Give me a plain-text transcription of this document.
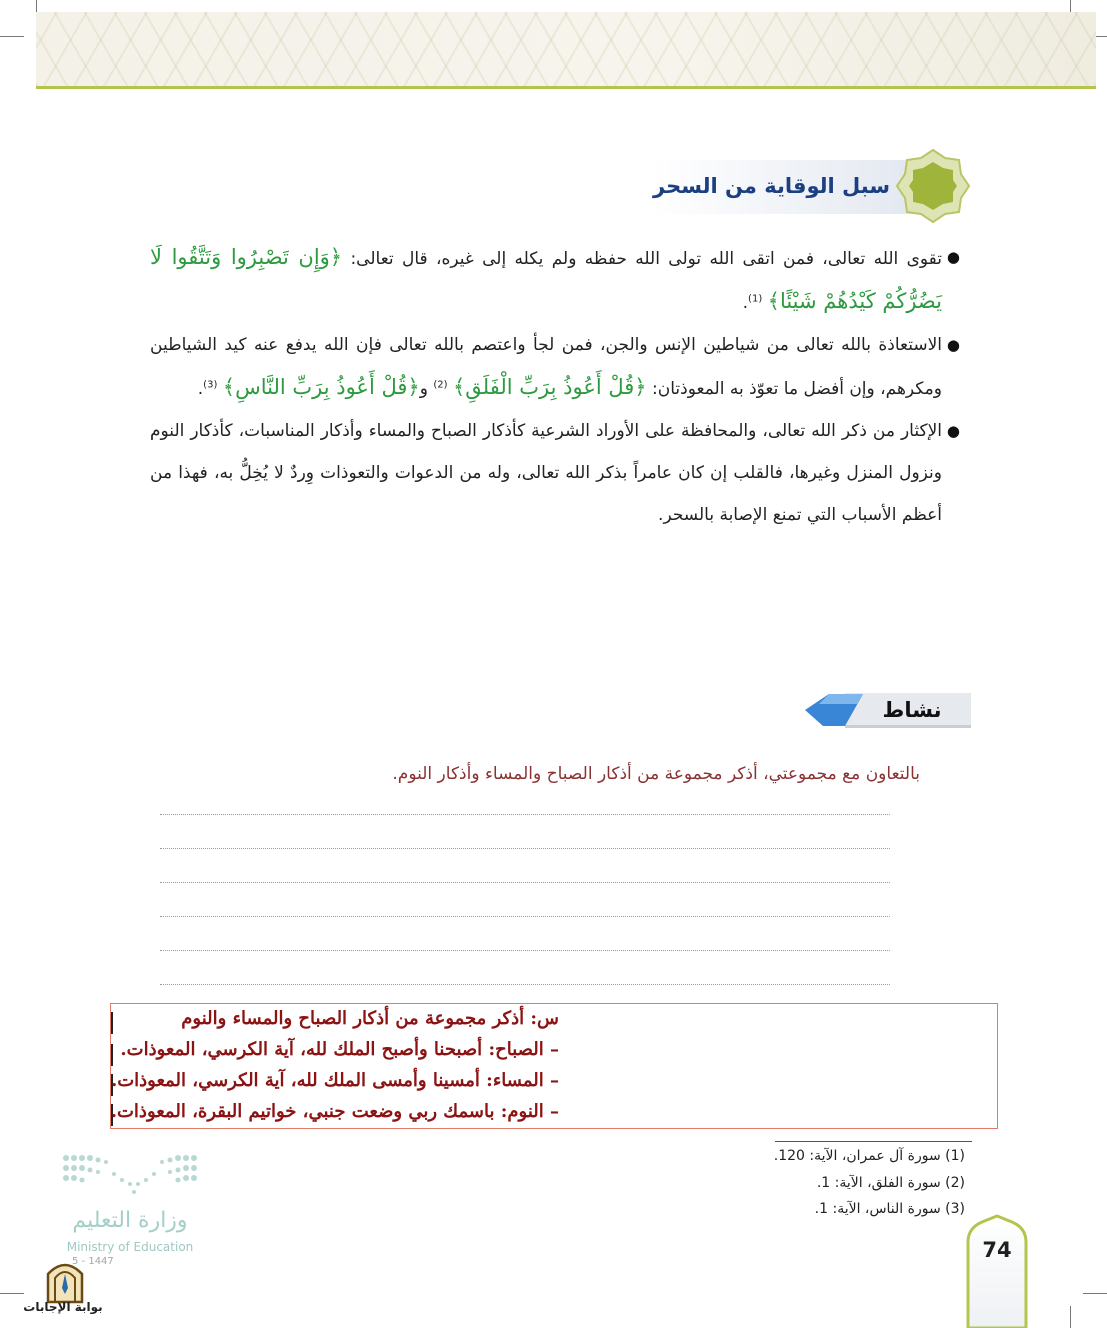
سبل الوقاية من السحر
●
تقوى الله تعالى، فمن اتقى الله تولى الله حفظه ولم يكله إلى غيره، قال تعالى: ﴿وَإِن تَصْبِرُوا وَتَتَّقُوا لَا يَضُرُّكُمْ كَيْدُهُمْ شَيْئًا﴾ $^{(1)}$.
●
الاستعاذة بالله تعالى من شياطين الإنس والجن، فمن لجأ واعتصم بالله تعالى فإن الله يدفع عنه كيد الشياطين ومكرهم، وإن أفضل ما تعوّذ به المعوذتان: ﴿قُلْ أَعُوذُ بِرَبِّ الْفَلَقِ﴾ $^{(2)}$ و﴿قُلْ أَعُوذُ بِرَبِّ النَّاسِ﴾ $^{(3)}$.
●
الإكثار من ذكر الله تعالى، والمحافظة على الأوراد الشرعية كأذكار الصباح والمساء وأذكار المناسبات، كأذكار النوم ونزول المنزل وغيرها، فالقلب إن كان عامراً بذكر الله تعالى، وله من الدعوات والتعوذات وِردٌ لا يُخِلُّ به، فهذا من أعظم الأسباب التي تمنع الإصابة بالسحر.
نشاط
بالتعاون مع مجموعتي، أذكر مجموعة من أذكار الصباح والمساء وأذكار النوم.
س: أذكر مجموعة من أذكار الصباح والمساء والنوم
– الصباح: أصبحنا وأصبح الملك لله، آية الكرسي، المعوذات.
– المساء: أمسينا وأمسى الملك لله، آية الكرسي، المعوذات.
– النوم: باسمك ربي وضعت جنبي، خواتيم البقرة، المعوذات.
(1) سورة آل عمران، الآية: 120.
(2) سورة الفلق، الآية: 1.
(3) سورة الناس، الآية: 1.
وزارة التعليم
Ministry of Education
5 - 1447
بوابة الإجابات
74
